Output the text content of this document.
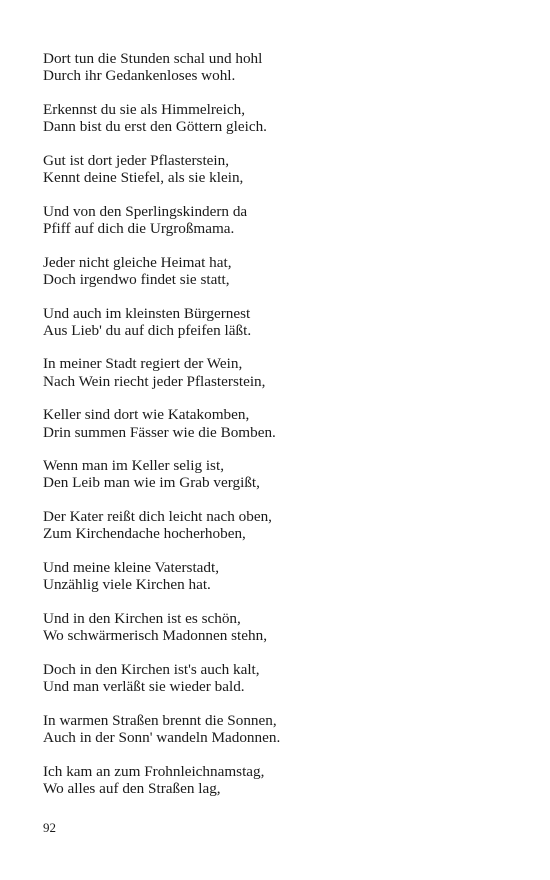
Dort tun die Stunden schal und hohl
Durch ihr Gedankenloses wohl.
Erkennst du sie als Himmelreich,
Dann bist du erst den Göttern gleich.
Gut ist dort jeder Pflasterstein,
Kennt deine Stiefel, als sie klein,
Und von den Sperlingskindern da
Pfiff auf dich die Urgroßmama.
Jeder nicht gleiche Heimat hat,
Doch irgendwo findet sie statt,
Und auch im kleinsten Bürgernest
Aus Lieb' du auf dich pfeifen läßt.
In meiner Stadt regiert der Wein,
Nach Wein riecht jeder Pflasterstein,
Keller sind dort wie Katakomben,
Drin summen Fässer wie die Bomben.
Wenn man im Keller selig ist,
Den Leib man wie im Grab vergißt,
Der Kater reißt dich leicht nach oben,
Zum Kirchendache hocherhoben,
Und meine kleine Vaterstadt,
Unzählig viele Kirchen hat.
Und in den Kirchen ist es schön,
Wo schwärmerisch Madonnen stehn,
Doch in den Kirchen ist's auch kalt,
Und man verläßt sie wieder bald.
In warmen Straßen brennt die Sonnen,
Auch in der Sonn' wandeln Madonnen.
Ich kam an zum Frohnleichnamstag,
Wo alles auf den Straßen lag,
92
